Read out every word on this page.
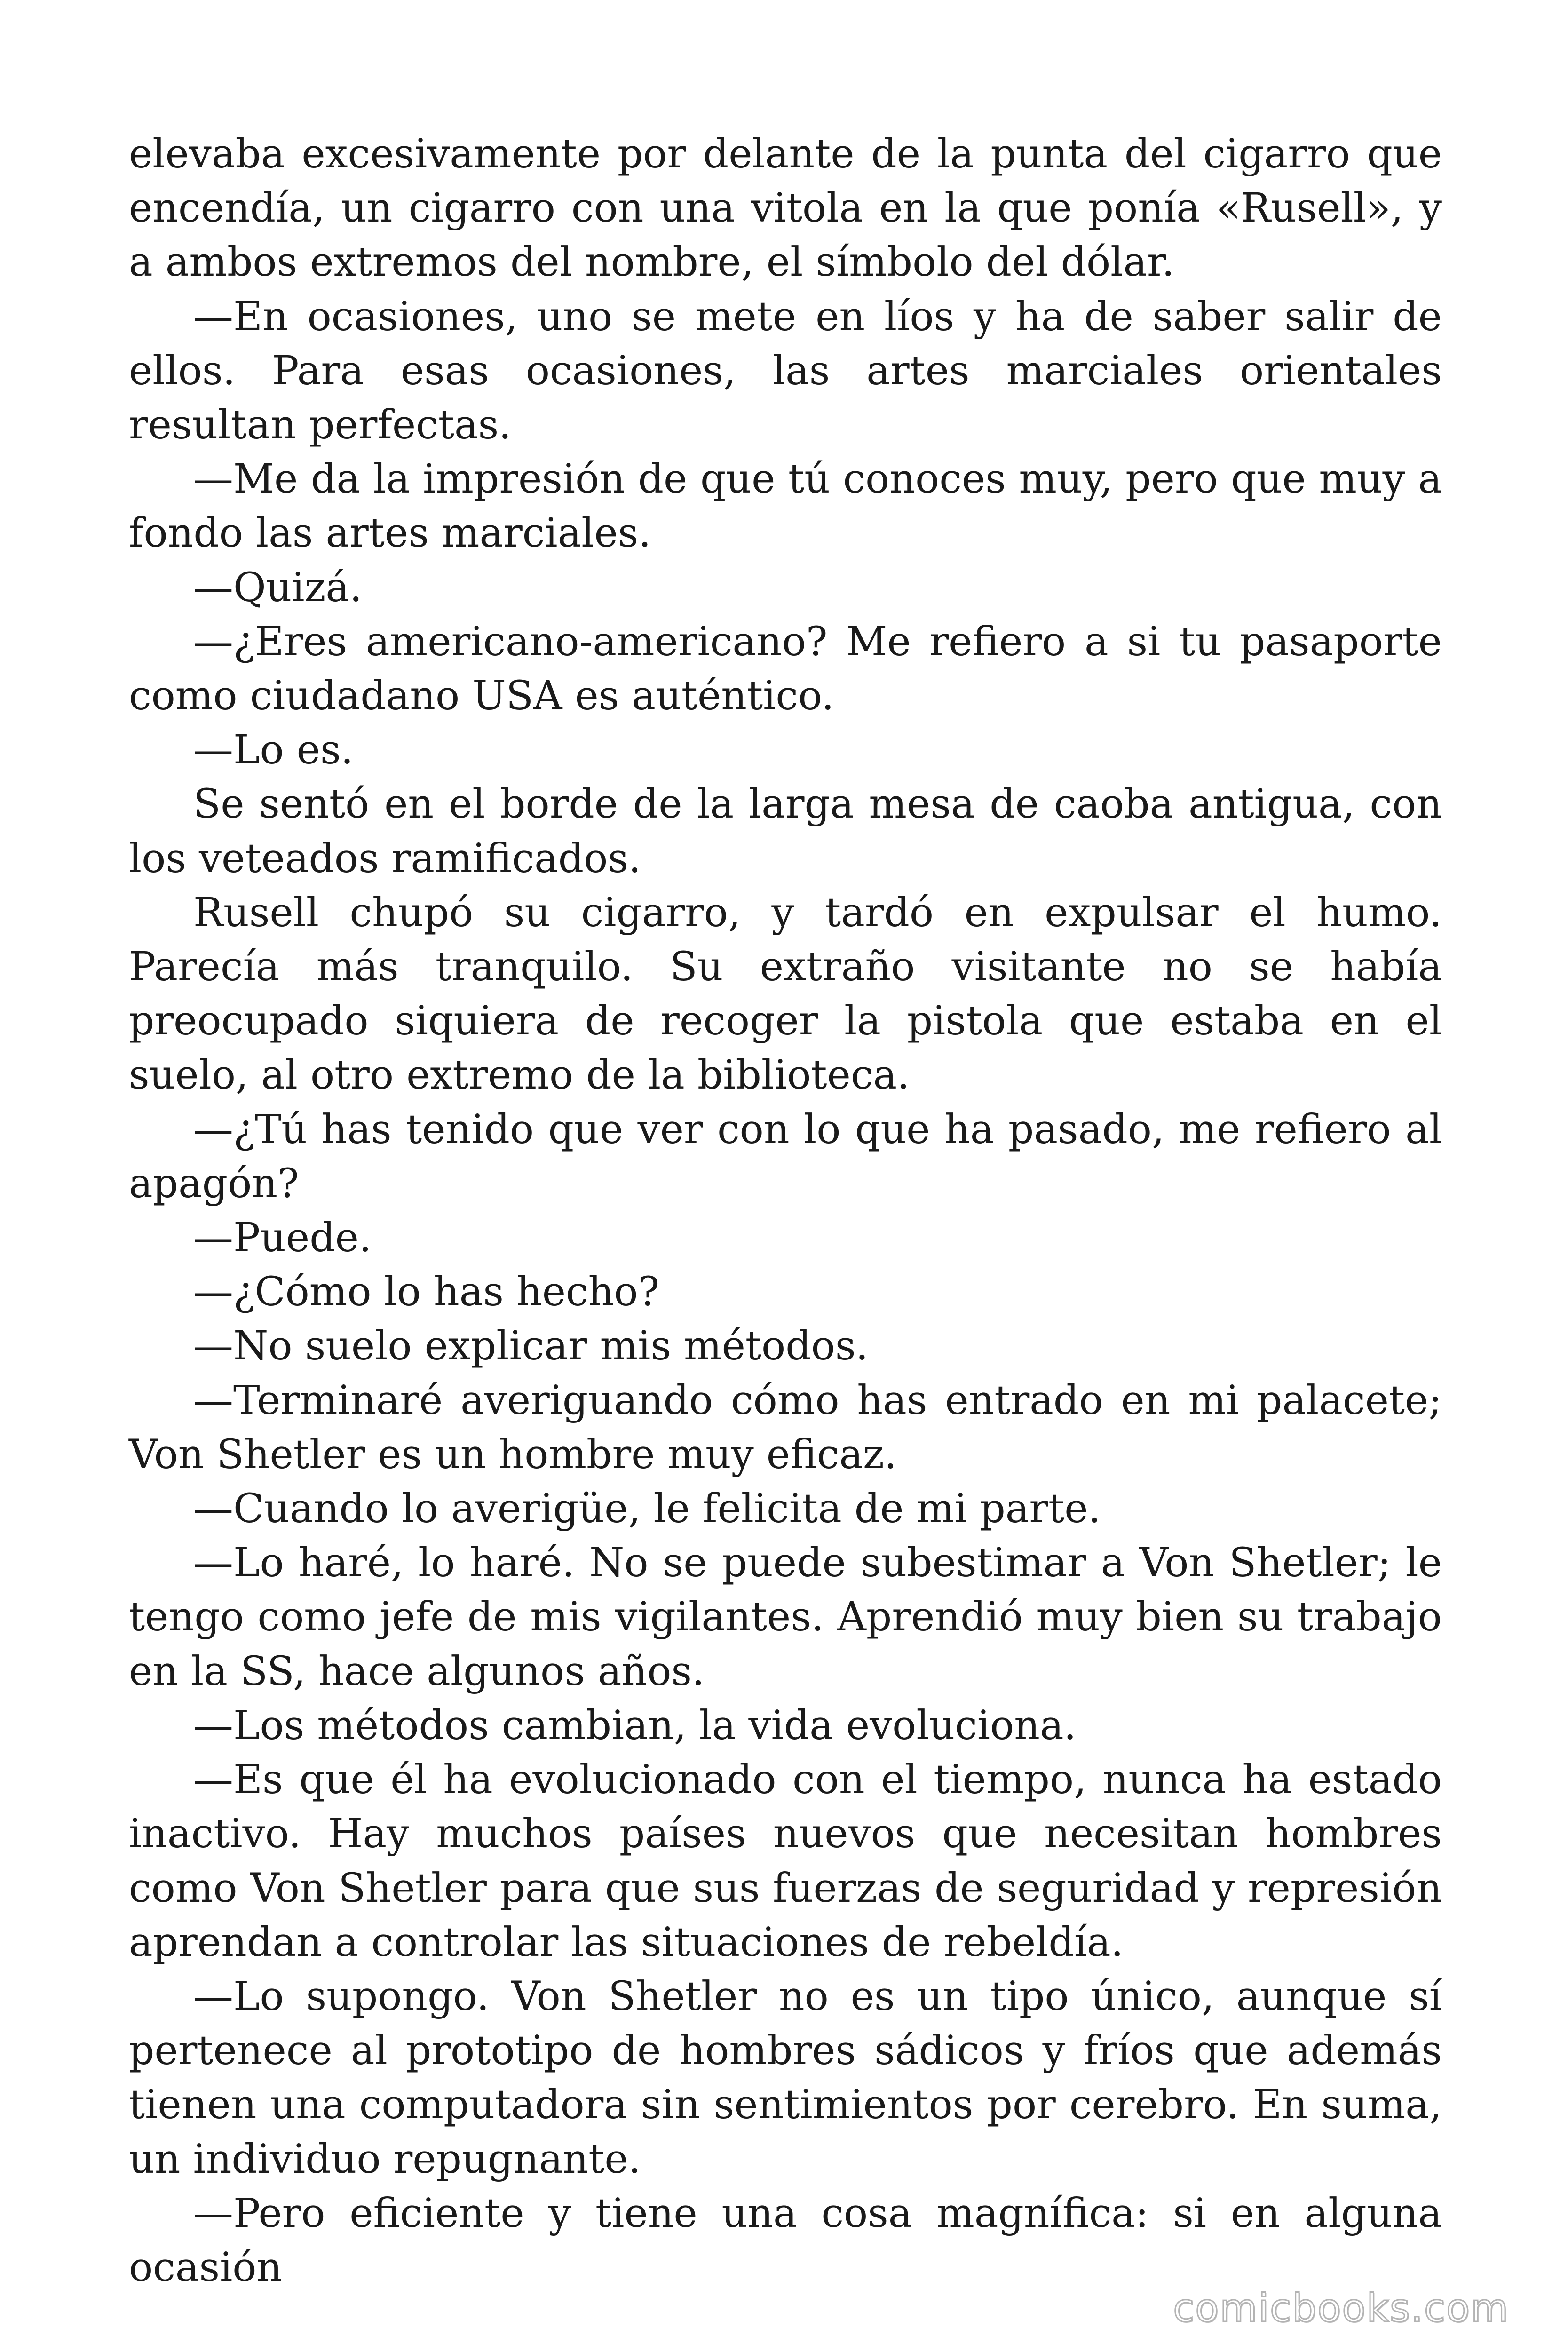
elevaba excesivamente por delante de la punta del cigarro que encendía, un cigarro con una vitola en la que ponía «Rusell», y a ambos extremos del nombre, el símbolo del dólar.

—En ocasiones, uno se mete en líos y ha de saber salir de ellos. Para esas ocasiones, las artes marciales orientales resultan perfectas.

—Me da la impresión de que tú conoces muy, pero que muy a fondo las artes marciales.

—Quizá.

—¿Eres americano-americano? Me refiero a si tu pasaporte como ciudadano USA es auténtico.

—Lo es.

Se sentó en el borde de la larga mesa de caoba antigua, con los veteados ramificados.

Rusell chupó su cigarro, y tardó en expulsar el humo. Parecía más tranquilo. Su extraño visitante no se había preocupado siquiera de recoger la pistola que estaba en el suelo, al otro extremo de la biblioteca.

—¿Tú has tenido que ver con lo que ha pasado, me refiero al apagón?

—Puede.

—¿Cómo lo has hecho?

—No suelo explicar mis métodos.

—Terminaré averiguando cómo has entrado en mi palacete; Von Shetler es un hombre muy eficaz.

—Cuando lo averigüe, le felicita de mi parte.

—Lo haré, lo haré. No se puede subestimar a Von Shetler; le tengo como jefe de mis vigilantes. Aprendió muy bien su trabajo en la SS, hace algunos años.

—Los métodos cambian, la vida evoluciona.

—Es que él ha evolucionado con el tiempo, nunca ha estado inactivo. Hay muchos países nuevos que necesitan hombres como Von Shetler para que sus fuerzas de seguridad y represión aprendan a controlar las situaciones de rebeldía.

—Lo supongo. Von Shetler no es un tipo único, aunque sí pertenece al prototipo de hombres sádicos y fríos que además tienen una computadora sin sentimientos por cerebro. En suma, un individuo repugnante.

—Pero eficiente y tiene una cosa magnífica: si en alguna ocasión

comicbooks.com
